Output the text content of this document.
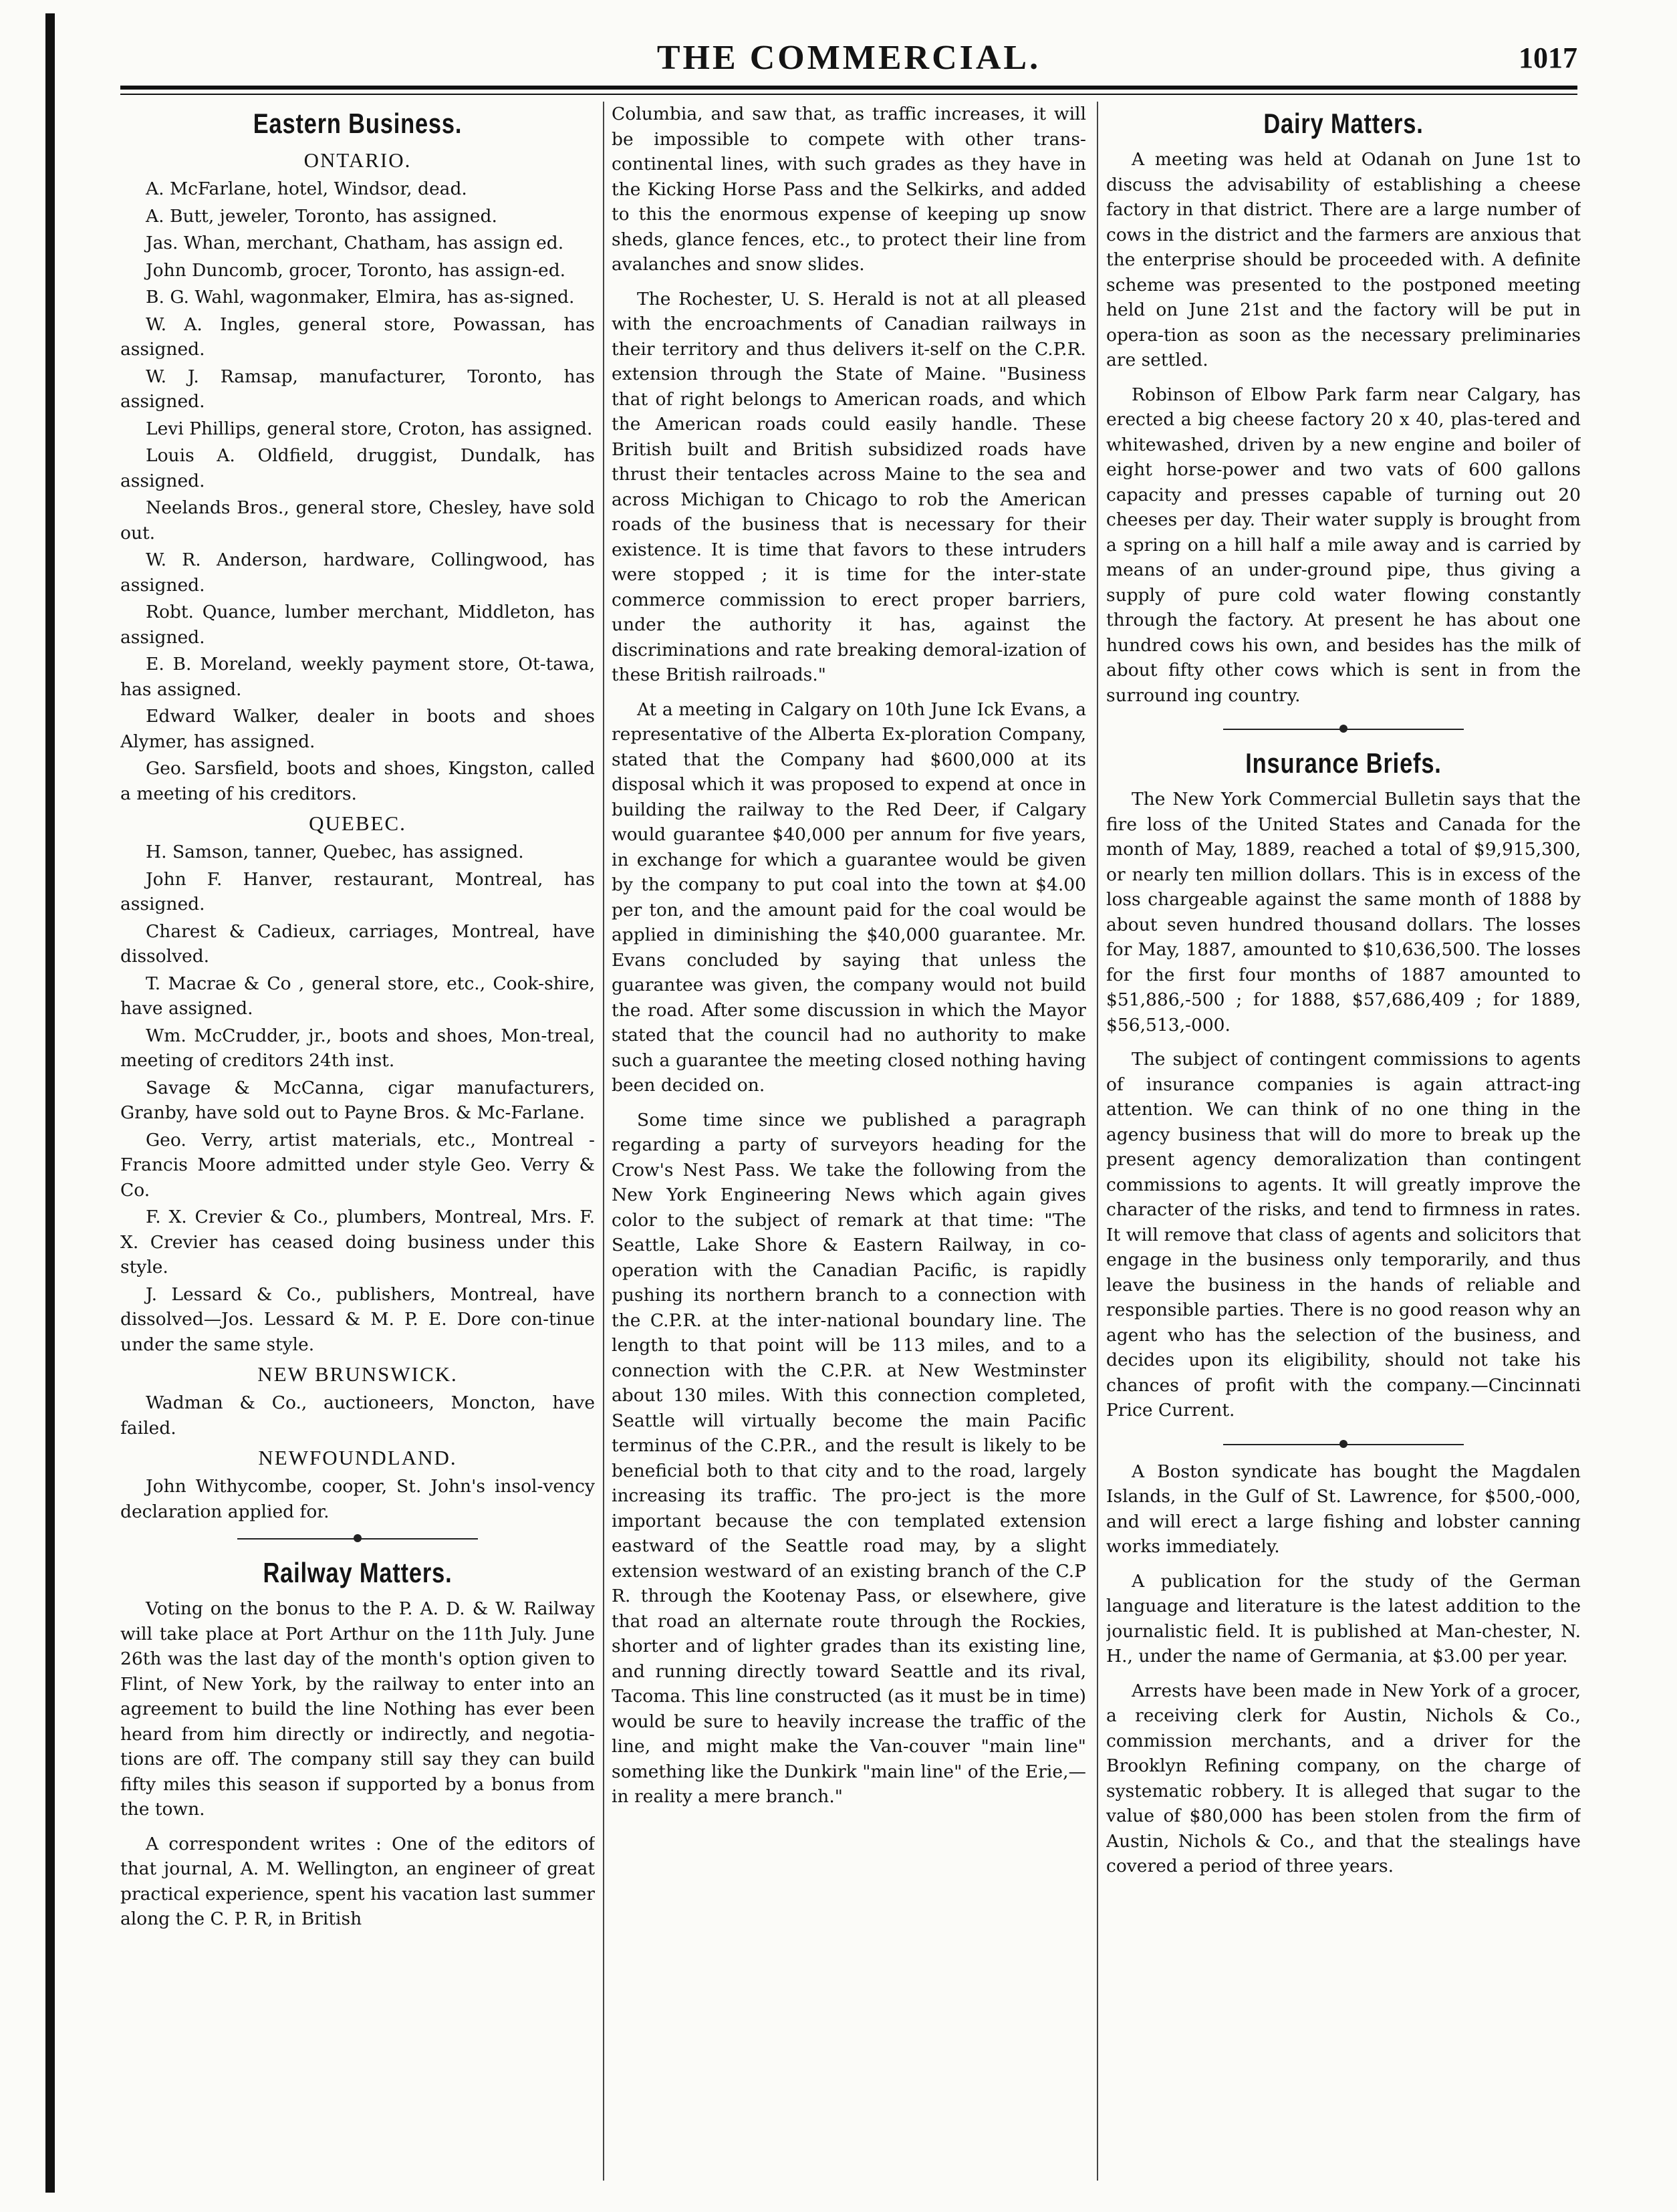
THE COMMERCIAL.	1017
Eastern Business.
ONTARIO.

A. McFarlane, hotel, Windsor, dead.

A. Butt, jeweler, Toronto, has assigned.

Jas. Whan, merchant, Chatham, has assign ed.

John Duncomb, grocer, Toronto, has assign-ed.

B. G. Wahl, wagonmaker, Elmira, has as-signed.

W. A. Ingles, general store, Powassan, has assigned.

W. J. Ramsap, manufacturer, Toronto, has assigned.

Levi Phillips, general store, Croton, has assigned.

Louis A. Oldfield, druggist, Dundalk, has assigned.

Neelands Bros., general store, Chesley, have sold out.

W. R. Anderson, hardware, Collingwood, has assigned.

Robt. Quance, lumber merchant, Middleton, has assigned.

E. B. Moreland, weekly payment store, Ot-tawa, has assigned.

Edward Walker, dealer in boots and shoes Alymer, has assigned.

Geo. Sarsfield, boots and shoes, Kingston, called a meeting of his creditors.

QUEBEC.

H. Samson, tanner, Quebec, has assigned.

John F. Hanver, restaurant, Montreal, has assigned.

Charest & Cadieux, carriages, Montreal, have dissolved.

T. Macrae & Co , general store, etc., Cook-shire, have assigned.

Wm. McCrudder, jr., boots and shoes, Mon-treal, meeting of creditors 24th inst.

Savage & McCanna, cigar manufacturers, Granby, have sold out to Payne Bros. & Mc-Farlane.

Geo. Verry, artist materials, etc., Montreal -Francis Moore admitted under style Geo. Verry & Co.

F. X. Crevier & Co., plumbers, Montreal, Mrs. F. X. Crevier has ceased doing business under this style.

J. Lessard & Co., publishers, Montreal, have dissolved—Jos. Lessard & M. P. E. Dore con-tinue under the same style.

NEW BRUNSWICK.

Wadman & Co., auctioneers, Moncton, have failed.

NEWFOUNDLAND.

John Withycombe, cooper, St. John's insol-vency declaration applied for.

Railway Matters.

Voting on the bonus to the P. A. D. & W. Railway will take place at Port Arthur on the 11th July. June 26th was the last day of the month's option given to Flint, of New York, by the railway to enter into an agreement to build the line Nothing has ever been heard from him directly or indirectly, and negotia-tions are off. The company still say they can build fifty miles this season if supported by a bonus from the town.

A correspondent writes : One of the editors of that journal, A. M. Wellington, an engineer of great practical experience, spent his vacation last summer along the C. P. R, in British

Columbia, and saw that, as traffic increases, it will be impossible to compete with other trans-continental lines, with such grades as they have in the Kicking Horse Pass and the Selkirks, and added to this the enormous expense of keeping up snow sheds, glance fences, etc., to protect their line from avalanches and snow slides.

The Rochester, U. S. Herald is not at all pleased with the encroachments of Canadian railways in their territory and thus delivers it-self on the C.P.R. extension through the State of Maine. "Business that of right belongs to American roads, and which the American roads could easily handle. These British built and British subsidized roads have thrust their tentacles across Maine to the sea and across Michigan to Chicago to rob the American roads of the business that is necessary for their existence. It is time that favors to these intruders were stopped ; it is time for the inter-state commerce commission to erect proper barriers, under the authority it has, against the discriminations and rate breaking demoral-ization of these British railroads."

At a meeting in Calgary on 10th June Ick Evans, a representative of the Alberta Ex-ploration Company, stated that the Company had $600,000 at its disposal which it was proposed to expend at once in building the railway to the Red Deer, if Calgary would guarantee $40,000 per annum for five years, in exchange for which a guarantee would be given by the company to put coal into the town at $4.00 per ton, and the amount paid for the coal would be applied in diminishing the $40,000 guarantee. Mr. Evans concluded by saying that unless the guarantee was given, the company would not build the road. After some discussion in which the Mayor stated that the council had no authority to make such a guarantee the meeting closed nothing having been decided on.

Some time since we published a paragraph regarding a party of surveyors heading for the Crow's Nest Pass. We take the following from the New York Engineering News which again gives color to the subject of remark at that time: "The Seattle, Lake Shore & Eastern Railway, in co-operation with the Canadian Pacific, is rapidly pushing its northern branch to a connection with the C.P.R. at the inter-national boundary line. The length to that point will be 113 miles, and to a connection with the C.P.R. at New Westminster about 130 miles. With this connection completed, Seattle will virtually become the main Pacific terminus of the C.P.R., and the result is likely to be beneficial both to that city and to the road, largely increasing its traffic. The pro-ject is the more important because the con templated extension eastward of the Seattle road may, by a slight extension westward of an existing branch of the C.P R. through the Kootenay Pass, or elsewhere, give that road an alternate route through the Rockies, shorter and of lighter grades than its existing line, and running directly toward Seattle and its rival, Tacoma. This line constructed (as it must be in time) would be sure to heavily increase the traffic of the line, and might make the Van-couver "main line" something like the Dunkirk "main line" of the Erie,—in reality a mere branch."

Dairy Matters.

A meeting was held at Odanah on June 1st to discuss the advisability of establishing a cheese factory in that district. There are a large number of cows in the district and the farmers are anxious that the enterprise should be proceeded with. A definite scheme was presented to the postponed meeting held on June 21st and the factory will be put in opera-tion as soon as the necessary preliminaries are settled.

Robinson of Elbow Park farm near Calgary, has erected a big cheese factory 20 x 40, plas-tered and whitewashed, driven by a new engine and boiler of eight horse-power and two vats of 600 gallons capacity and presses capable of turning out 20 cheeses per day. Their water supply is brought from a spring on a hill half a mile away and is carried by means of an under-ground pipe, thus giving a supply of pure cold water flowing constantly through the factory. At present he has about one hundred cows his own, and besides has the milk of about fifty other cows which is sent in from the surround ing country.

Insurance Briefs.

The New York Commercial Bulletin says that the fire loss of the United States and Canada for the month of May, 1889, reached a total of $9,915,300, or nearly ten million dollars. This is in excess of the loss chargeable against the same month of 1888 by about seven hundred thousand dollars. The losses for May, 1887, amounted to $10,636,500. The losses for the first four months of 1887 amounted to $51,886,-500 ; for 1888, $57,686,409 ; for 1889, $56,513,-000.

The subject of contingent commissions to agents of insurance companies is again attract-ing attention. We can think of no one thing in the agency business that will do more to break up the present agency demoralization than contingent commissions to agents. It will greatly improve the character of the risks, and tend to firmness in rates. It will remove that class of agents and solicitors that engage in the business only temporarily, and thus leave the business in the hands of reliable and responsible parties. There is no good reason why an agent who has the selection of the business, and decides upon its eligibility, should not take his chances of profit with the company.—Cincinnati Price Current.

A Boston syndicate has bought the Magdalen Islands, in the Gulf of St. Lawrence, for $500,-000, and will erect a large fishing and lobster canning works immediately.

A publication for the study of the German language and literature is the latest addition to the journalistic field. It is published at Man-chester, N. H., under the name of Germania, at $3.00 per year.

Arrests have been made in New York of a grocer, a receiving clerk for Austin, Nichols & Co., commission merchants, and a driver for the Brooklyn Refining company, on the charge of systematic robbery. It is alleged that sugar to the value of $80,000 has been stolen from the firm of Austin, Nichols & Co., and that the stealings have covered a period of three years.
